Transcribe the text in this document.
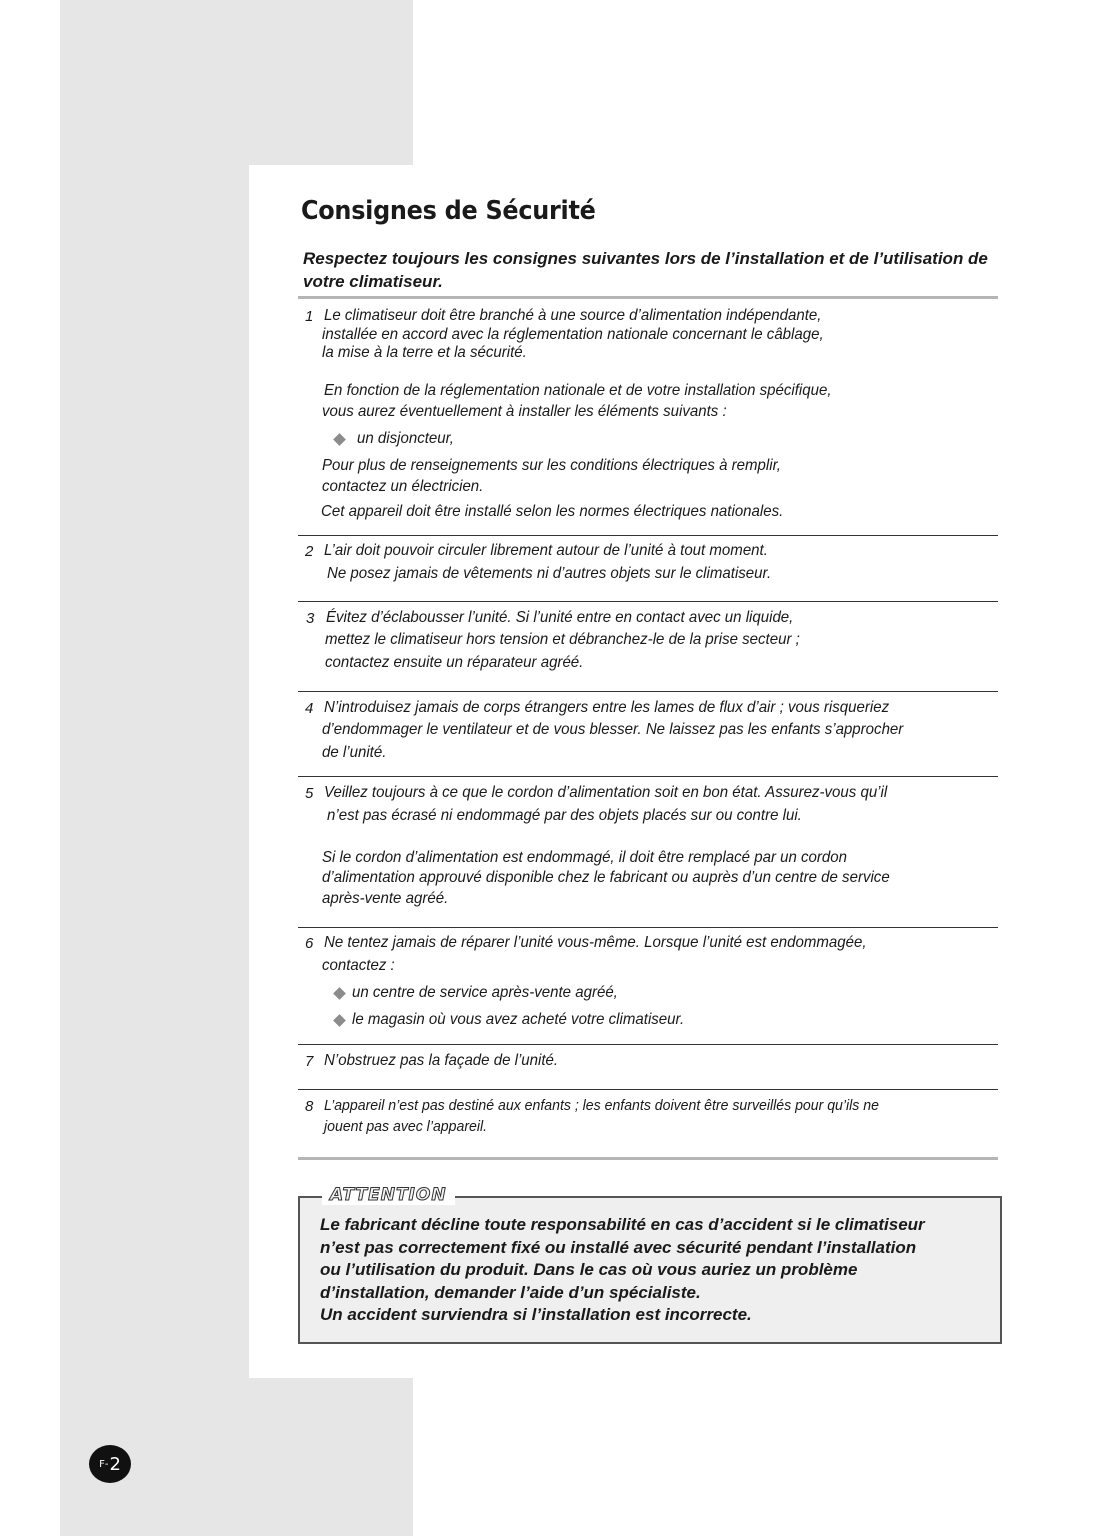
Consignes de Sécurité

Respectez toujours les consignes suivantes lors de l’installation et de l’utilisation de votre climatiseur.

1 Le climatiseur doit être branché à une source d’alimentation indépendante,
installée en accord avec la réglementation nationale concernant le câblage,
la mise à la terre et la sécurité.
En fonction de la réglementation nationale et de votre installation spécifique,
vous aurez éventuellement à installer les éléments suivants :
un disjoncteur,
Pour plus de renseignements sur les conditions électriques à remplir,
contactez un électricien.
Cet appareil doit être installé selon les normes électriques nationales.
2 L’air doit pouvoir circuler librement autour de l’unité à tout moment.
Ne posez jamais de vêtements ni d’autres objets sur le climatiseur.
3 Évitez d’éclabousser l’unité. Si l’unité entre en contact avec un liquide,
mettez le climatiseur hors tension et débranchez-le de la prise secteur ;
contactez ensuite un réparateur agréé.
4 N’introduisez jamais de corps étrangers entre les lames de flux d’air ; vous risqueriez
d’endommager le ventilateur et de vous blesser. Ne laissez pas les enfants s’approcher
de l’unité.
5 Veillez toujours à ce que le cordon d’alimentation soit en bon état. Assurez-vous qu’il
n’est pas écrasé ni endommagé par des objets placés sur ou contre lui.
Si le cordon d’alimentation est endommagé, il doit être remplacé par un cordon
d’alimentation approuvé disponible chez le fabricant ou auprès d’un centre de service
après-vente agréé.
6 Ne tentez jamais de réparer l’unité vous-même. Lorsque l’unité est endommagée,
contactez :
un centre de service après-vente agréé,
le magasin où vous avez acheté votre climatiseur.
7 N’obstruez pas la façade de l’unité.
8 L’appareil n’est pas destiné aux enfants ; les enfants doivent être surveillés pour qu’ils ne
jouent pas avec l’appareil.
ATTENTION

Le fabricant décline toute responsabilité en cas d’accident si le climatiseur
n’est pas correctement fixé ou installé avec sécurité pendant l’installation
ou l’utilisation du produit. Dans le cas où vous auriez un problème
d’installation, demander l’aide d’un spécialiste.
Un accident surviendra si l’installation est incorrecte.

F- 2
